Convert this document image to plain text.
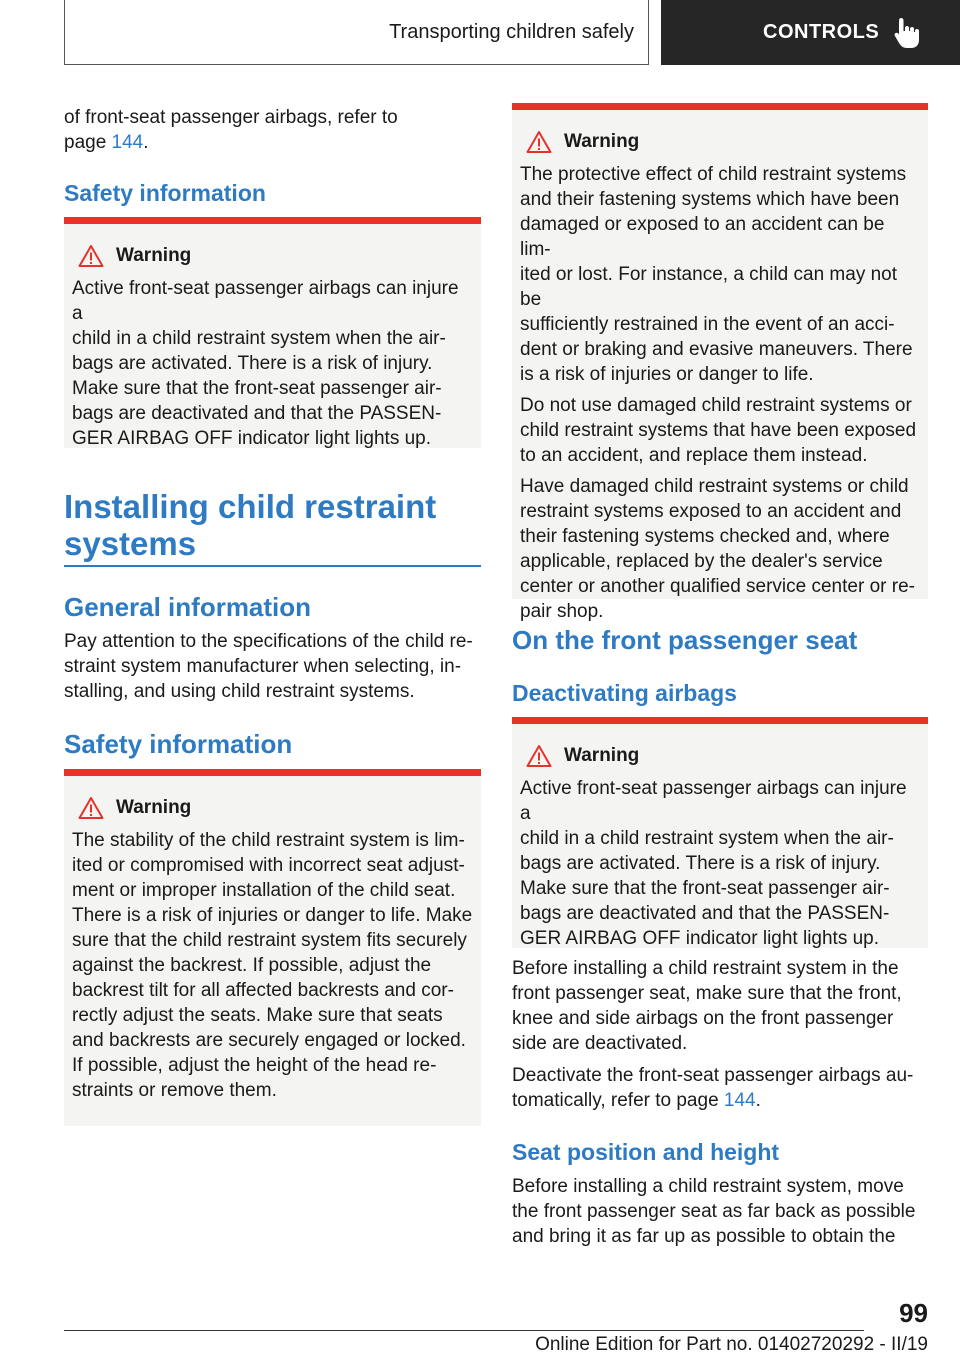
Transporting children safely	CONTROLS
of front-seat passenger airbags, refer to
page 144.
Safety information
Warning

Active front-seat passenger airbags can injure a
child in a child restraint system when the air-
bags are activated. There is a risk of injury.
Make sure that the front-seat passenger air-
bags are deactivated and that the PASSEN-
GER AIRBAG OFF indicator light lights up.

Installing child restraint
systems
General information
Pay attention to the specifications of the child re-
straint system manufacturer when selecting, in-
stalling, and using child restraint systems.
Safety information
Warning

The stability of the child restraint system is lim-
ited or compromised with incorrect seat adjust-
ment or improper installation of the child seat.
There is a risk of injuries or danger to life. Make
sure that the child restraint system fits securely
against the backrest. If possible, adjust the
backrest tilt for all affected backrests and cor-
rectly adjust the seats. Make sure that seats
and backrests are securely engaged or locked.
If possible, adjust the height of the head re-
straints or remove them.

Warning

The protective effect of child restraint systems
and their fastening systems which have been
damaged or exposed to an accident can be lim-
ited or lost. For instance, a child can may not be
sufficiently restrained in the event of an acci-
dent or braking and evasive maneuvers. There
is a risk of injuries or danger to life.

Do not use damaged child restraint systems or
child restraint systems that have been exposed
to an accident, and replace them instead.

Have damaged child restraint systems or child
restraint systems exposed to an accident and
their fastening systems checked and, where
applicable, replaced by the dealer's service
center or another qualified service center or re-
pair shop.

On the front passenger seat
Deactivating airbags
Warning

Active front-seat passenger airbags can injure a
child in a child restraint system when the air-
bags are activated. There is a risk of injury.
Make sure that the front-seat passenger air-
bags are deactivated and that the PASSEN-
GER AIRBAG OFF indicator light lights up.

Before installing a child restraint system in the
front passenger seat, make sure that the front,
knee and side airbags on the front passenger
side are deactivated.
Deactivate the front-seat passenger airbags au-
tomatically, refer to page 144.
Seat position and height
Before installing a child restraint system, move
the front passenger seat as far back as possible
and bring it as far up as possible to obtain the
99
Online Edition for Part no. 01402720292 - II/19
